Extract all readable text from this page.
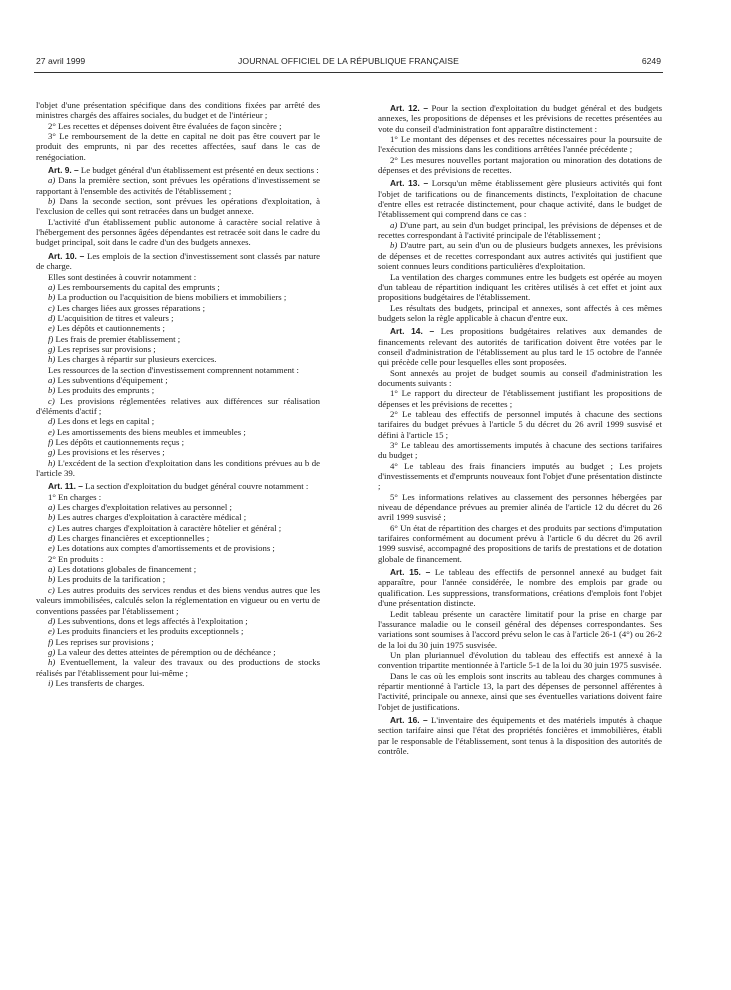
27 avril 1999	JOURNAL OFFICIEL DE LA RÉPUBLIQUE FRANÇAISE	6249

l'objet d'une présentation spécifique dans des conditions fixées par arrêté des ministres chargés des affaires sociales, du budget et de l'intérieur ;

2° Les recettes et dépenses doivent être évaluées de façon sincère ;

3° Le remboursement de la dette en capital ne doit pas être couvert par le produit des emprunts, ni par des recettes affectées, sauf dans le cas de renégociation.

Art. 9. – Le budget général d'un établissement est présenté en deux sections :

a) Dans la première section, sont prévues les opérations d'investissement se rapportant à l'ensemble des activités de l'établissement ;

b) Dans la seconde section, sont prévues les opérations d'exploitation, à l'exclusion de celles qui sont retracées dans un budget annexe.

L'activité d'un établissement public autonome à caractère social relative à l'hébergement des personnes âgées dépendantes est retracée soit dans le cadre du budget principal, soit dans le cadre d'un des budgets annexes.

Art. 10. – Les emplois de la section d'investissement sont classés par nature de charge.

Elles sont destinées à couvrir notamment :

a) Les remboursements du capital des emprunts ;

b) La production ou l'acquisition de biens mobiliers et immobiliers ;

c) Les charges liées aux grosses réparations ;

d) L'acquisition de titres et valeurs ;

e) Les dépôts et cautionnements ;

f) Les frais de premier établissement ;

g) Les reprises sur provisions ;

h) Les charges à répartir sur plusieurs exercices.

Les ressources de la section d'investissement comprennent notamment :

a) Les subventions d'équipement ;

b) Les produits des emprunts ;

c) Les provisions réglementées relatives aux différences sur réalisation d'éléments d'actif ;

d) Les dons et legs en capital ;

e) Les amortissements des biens meubles et immeubles ;

f) Les dépôts et cautionnements reçus ;

g) Les provisions et les réserves ;

h) L'excédent de la section d'exploitation dans les conditions prévues au b de l'article 39.

Art. 11. – La section d'exploitation du budget général couvre notamment :

1° En charges :

a) Les charges d'exploitation relatives au personnel ;

b) Les autres charges d'exploitation à caractère médical ;

c) Les autres charges d'exploitation à caractère hôtelier et général ;

d) Les charges financières et exceptionnelles ;

e) Les dotations aux comptes d'amortissements et de provisions ;

2° En produits :

a) Les dotations globales de financement ;

b) Les produits de la tarification ;

c) Les autres produits des services rendus et des biens vendus autres que les valeurs immobilisées, calculés selon la réglementation en vigueur ou en vertu de conventions passées par l'établissement ;

d) Les subventions, dons et legs affectés à l'exploitation ;

e) Les produits financiers et les produits exceptionnels ;

f) Les reprises sur provisions ;

g) La valeur des dettes atteintes de péremption ou de déchéance ;

h) Eventuellement, la valeur des travaux ou des productions de stocks réalisés par l'établissement pour lui-même ;

i) Les transferts de charges.

Art. 12. – Pour la section d'exploitation du budget général et des budgets annexes, les propositions de dépenses et les prévisions de recettes présentées au vote du conseil d'administration font apparaître distinctement :

1° Le montant des dépenses et des recettes nécessaires pour la poursuite de l'exécution des missions dans les conditions arrêtées l'année précédente ;

2° Les mesures nouvelles portant majoration ou minoration des dotations de dépenses et des prévisions de recettes.

Art. 13. – Lorsqu'un même établissement gère plusieurs activités qui font l'objet de tarifications ou de financements distincts, l'exploitation de chacune d'entre elles est retracée distinctement, pour chaque activité, dans le budget de l'établissement qui comprend dans ce cas :

a) D'une part, au sein d'un budget principal, les prévisions de dépenses et de recettes correspondant à l'activité principale de l'établissement ;

b) D'autre part, au sein d'un ou de plusieurs budgets annexes, les prévisions de dépenses et de recettes correspondant aux autres activités qui justifient que soient connues leurs conditions particulières d'exploitation.

La ventilation des charges communes entre les budgets est opérée au moyen d'un tableau de répartition indiquant les critères utilisés à cet effet et joint aux propositions budgétaires de l'établissement.

Les résultats des budgets, principal et annexes, sont affectés à ces mêmes budgets selon la règle applicable à chacun d'entre eux.

Art. 14. – Les propositions budgétaires relatives aux demandes de financements relevant des autorités de tarification doivent être votées par le conseil d'administration de l'établissement au plus tard le 15 octobre de l'année qui précède celle pour lesquelles elles sont proposées.

Sont annexés au projet de budget soumis au conseil d'administration les documents suivants :

1° Le rapport du directeur de l'établissement justifiant les propositions de dépenses et les prévisions de recettes ;

2° Le tableau des effectifs de personnel imputés à chacune des sections tarifaires du budget prévues à l'article 5 du décret du 26 avril 1999 susvisé et défini à l'article 15 ;

3° Le tableau des amortissements imputés à chacune des sections tarifaires du budget ;

4° Le tableau des frais financiers imputés au budget ; Les projets d'investissements et d'emprunts nouveaux font l'objet d'une présentation distincte ;

5° Les informations relatives au classement des personnes hébergées par niveau de dépendance prévues au premier alinéa de l'article 12 du décret du 26 avril 1999 susvisé ;

6° Un état de répartition des charges et des produits par sections d'imputation tarifaires conformément au document prévu à l'article 6 du décret du 26 avril 1999 susvisé, accompagné des propositions de tarifs de prestations et de dotation globale de financement.

Art. 15. – Le tableau des effectifs de personnel annexé au budget fait apparaître, pour l'année considérée, le nombre des emplois par grade ou qualification. Les suppressions, transformations, créations d'emplois font l'objet d'une présentation distincte.

Ledit tableau présente un caractère limitatif pour la prise en charge par l'assurance maladie ou le conseil général des dépenses correspondantes. Ses variations sont soumises à l'accord prévu selon le cas à l'article 26-1 (4°) ou 26-2 de la loi du 30 juin 1975 susvisée.

Un plan pluriannuel d'évolution du tableau des effectifs est annexé à la convention tripartite mentionnée à l'article 5-1 de la loi du 30 juin 1975 susvisée.

Dans le cas où les emplois sont inscrits au tableau des charges communes à répartir mentionné à l'article 13, la part des dépenses de personnel afférentes à l'activité, principale ou annexe, ainsi que ses éventuelles variations doivent faire l'objet de justifications.

Art. 16. – L'inventaire des équipements et des matériels imputés à chaque section tarifaire ainsi que l'état des propriétés foncières et immobilières, établi par le responsable de l'établissement, sont tenus à la disposition des autorités de contrôle.
